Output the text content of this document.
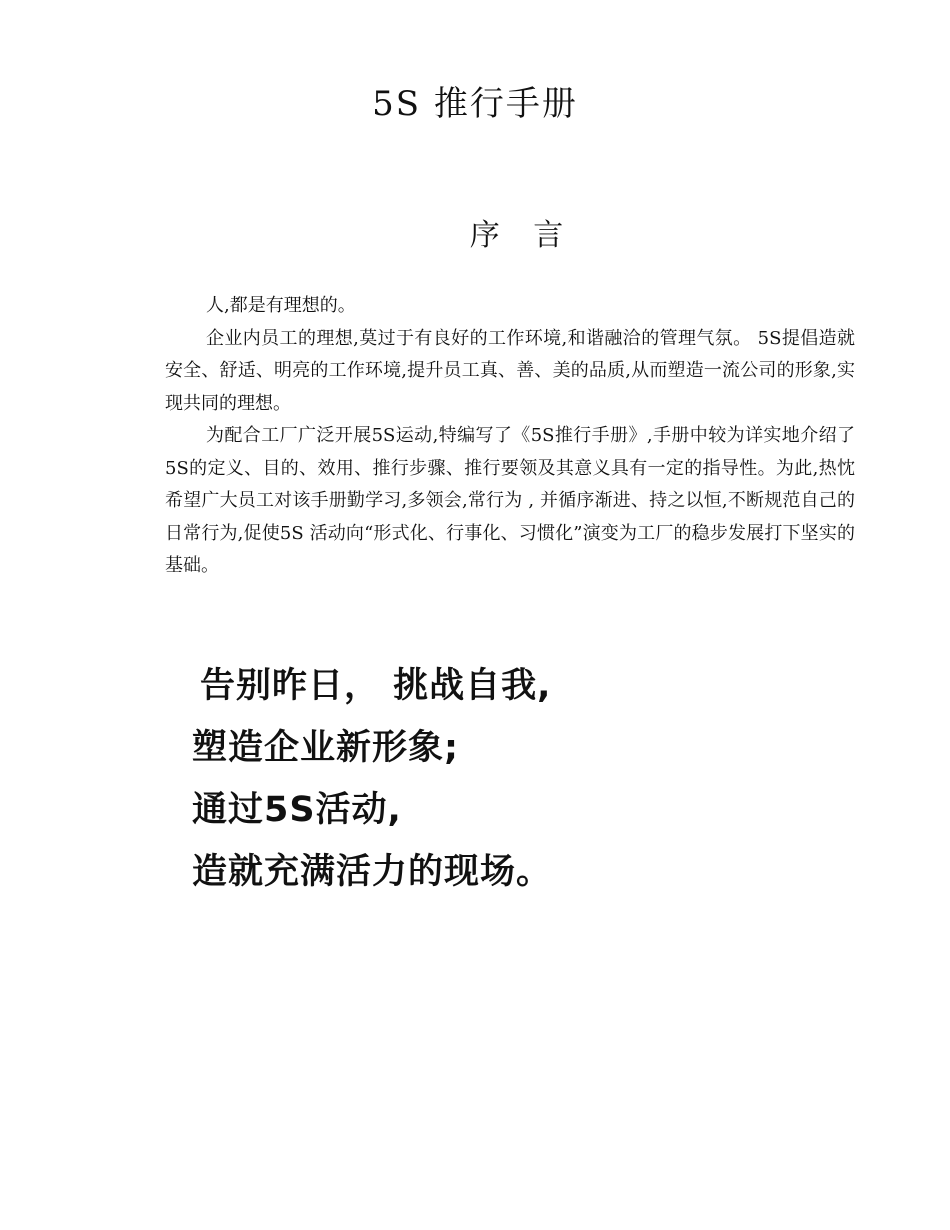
5S 推行手册
序 言

人,都是有理想的。

企业内员工的理想,莫过于有良好的工作环境,和谐融洽的管理气氛。 5S提倡造就安全、舒适、明亮的工作环境,提升员工真、善、美的品质,从而塑造一流公司的形象,实现共同的理想。

为配合工厂广泛开展5S运动,特编写了《5S推行手册》,手册中较为详实地介绍了5S的定义、目的、效用、推行步骤、推行要领及其意义具有一定的指导性。为此,热忱希望广大员工对该手册勤学习,多领会,常行为 , 并循序渐进、持之以恒,不断规范自己的日常行为,促使5S 活动向“形式化、行事化、习惯化”演变为工厂的稳步发展打下坚实的基础。

告别昨日， 挑战自我,
塑造企业新形象;
通过5S活动,
造就充满活力的现场。
